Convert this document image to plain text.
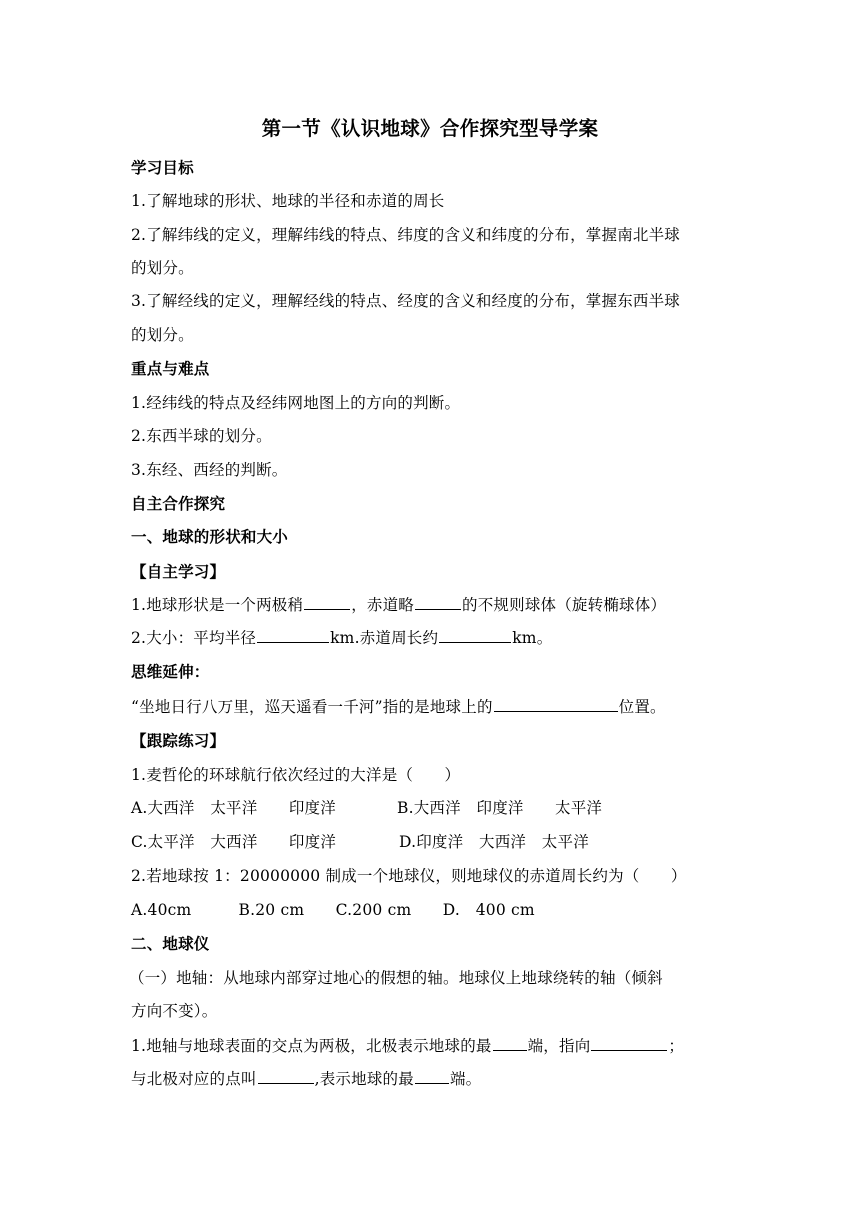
第一节《认识地球》合作探究型导学案
学习目标
1.了解地球的形状、地球的半径和赤道的周长
2.了解纬线的定义，理解纬线的特点、纬度的含义和纬度的分布，掌握南北半球
的划分。
3.了解经线的定义，理解经线的特点、经度的含义和经度的分布，掌握东西半球
的划分。
重点与难点
1.经纬线的特点及经纬网地图上的方向的判断。
2.东西半球的划分。
3.东经、西经的判断。
自主合作探究
一、地球的形状和大小
【自主学习】
1.地球形状是一个两极稍	，赤道略	的不规则球体（旋转椭球体）
2.大小：平均半径	km.赤道周长约	km。
思维延伸：
“坐地日行八万里，巡天遥看一千河”指的是地球上的	位置。
【跟踪练习】
1.麦哲伦的环球航行依次经过的大洋是（　　）
A.大西洋　太平洋　　印度洋	B.大西洋　印度洋　　太平洋
C.太平洋　大西洋　　印度洋	D.印度洋　大西洋　太平洋
2.若地球按 1：20000000 制成一个地球仪，则地球仪的赤道周长约为（　　）
A.40cm　　　B.20 cm　　C.200 cm　　D.　400 cm
二、地球仪
（一）地轴：从地球内部穿过地心的假想的轴。地球仪上地球绕转的轴（倾斜
方向不变）。
1.地轴与地球表面的交点为两极，北极表示地球的最 端，指向	；
与北极对应的点叫	,表示地球的最 端。
